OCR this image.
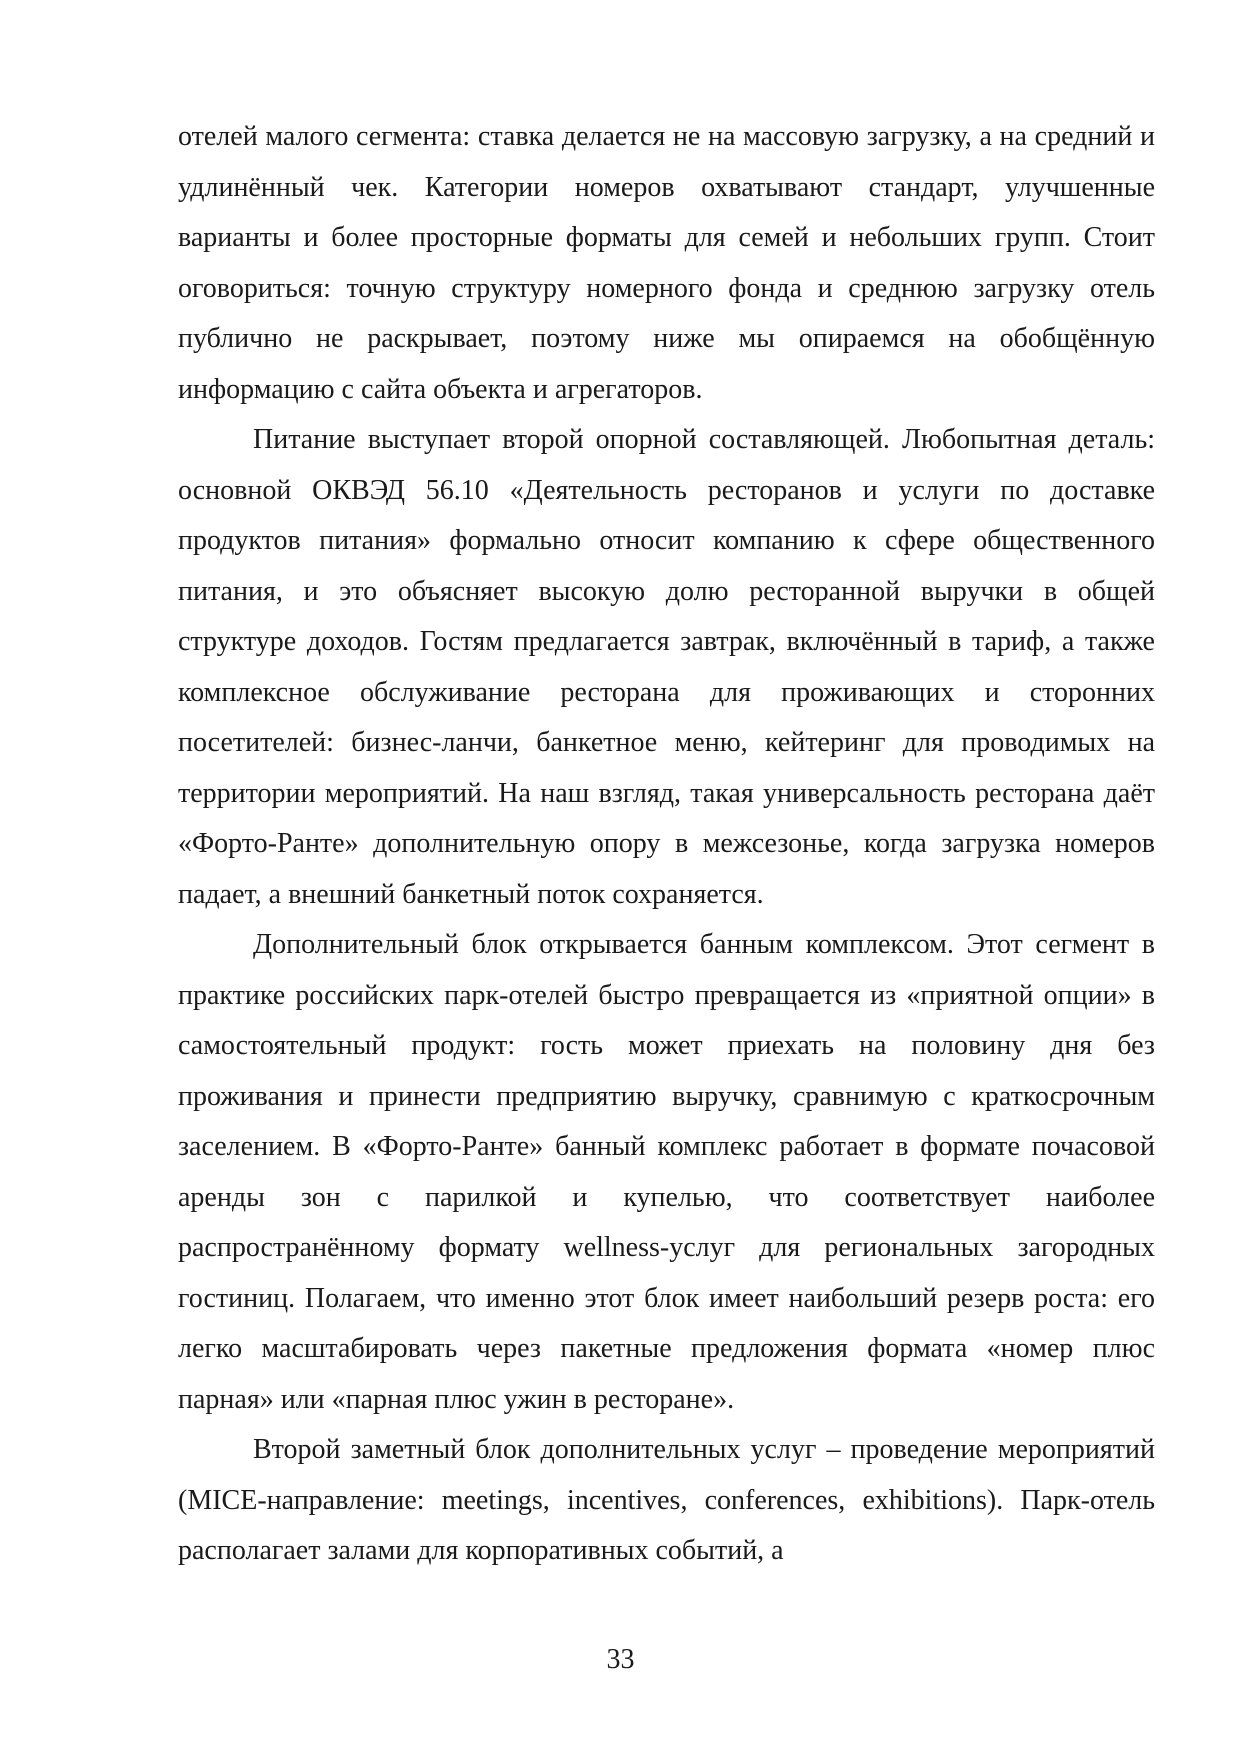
отелей малого сегмента: ставка делается не на массовую загрузку, а на средний и удлинённый чек. Категории номеров охватывают стандарт, улучшенные варианты и более просторные форматы для семей и небольших групп. Стоит оговориться: точную структуру номерного фонда и среднюю загрузку отель публично не раскрывает, поэтому ниже мы опираемся на обобщённую информацию с сайта объекта и агрегаторов.

Питание выступает второй опорной составляющей. Любопытная деталь: основной ОКВЭД 56.10 «Деятельность ресторанов и услуги по доставке продуктов питания» формально относит компанию к сфере общественного питания, и это объясняет высокую долю ресторанной выручки в общей структуре доходов. Гостям предлагается завтрак, включённый в тариф, а также комплексное обслуживание ресторана для проживающих и сторонних посетителей: бизнес-ланчи, банкетное меню, кейтеринг для проводимых на территории мероприятий. На наш взгляд, такая универсальность ресторана даёт «Форто-Ранте» дополнительную опору в межсезонье, когда загрузка номеров падает, а внешний банкетный поток сохраняется.

Дополнительный блок открывается банным комплексом. Этот сегмент в практике российских парк-отелей быстро превращается из «приятной опции» в самостоятельный продукт: гость может приехать на половину дня без проживания и принести предприятию выручку, сравнимую с краткосрочным заселением. В «Форто-Ранте» банный комплекс работает в формате почасовой аренды зон с парилкой и купелью, что соответствует наиболее распространённому формату wellness-услуг для региональных загородных гостиниц. Полагаем, что именно этот блок имеет наибольший резерв роста: его легко масштабировать через пакетные предложения формата «номер плюс парная» или «парная плюс ужин в ресторане».

Второй заметный блок дополнительных услуг – проведение мероприятий (MICE-направление: meetings, incentives, conferences, exhibitions). Парк-отель располагает залами для корпоративных событий, а

33
